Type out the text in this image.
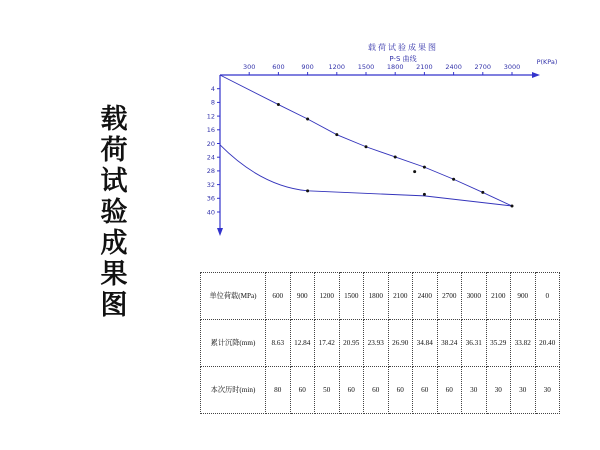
载荷试验成果图
载荷试验成果图
P-S 曲线	P(KPa)
300	600	900 1200 1500 1800 2100 2400 2700 3000
4
8
12
16
20
24
28
32
36
40
单位荷载(MPa)	600	900	1200	1500	1800	2100	2400	2700	3000	2100	900	0
累计沉降(mm)	8.63	12.84	17.42	20.95	23.93	26.90	34.84	38.24	36.31	35.29	33.82	20.40
本次历时(min)	80	60	50	60	60	60	60	60	30	30	30	30
